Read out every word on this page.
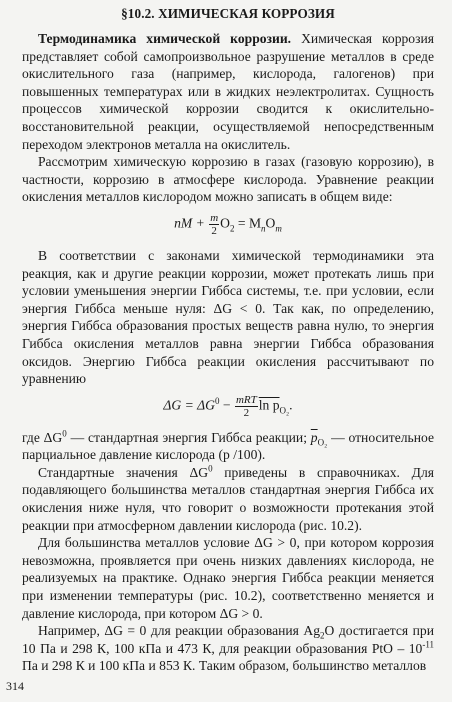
§10.2. ХИМИЧЕСКАЯ КОРРОЗИЯ

Термодинамика химической коррозии. Химическая коррозия представляет собой самопроизвольное разрушение металлов в среде окислительного газа (например, кислорода, галогенов) при повышенных температурах или в жидких неэлектролитах. Сущность процессов химической коррозии сводится к окислительно-восстановительной реакции, осуществляемой непосредственным переходом электронов металла на окислитель.

Рассмотрим химическую коррозию в газах (газовую коррозию), в частности, коррозию в атмосфере кислорода. Уравнение реакции окисления металлов кислородом можно записать в общем виде:

nM + $\frac{m}{2} O_2 = M_nO_m$

В соответствии с законами химической термодинамики эта реакция, как и другие реакции коррозии, может протекать лишь при условии уменьшения энергии Гиббса системы, т.е. при условии, если энергия Гиббса меньше нуля: ΔG < 0. Так как, по определению, энергия Гиббса образования простых веществ равна нулю, то энергия Гиббса окисления металлов равна энергии Гиббса образования оксидов. Энергию Гиббса реакции окисления рассчитывают по уравнению

$\Delta G = \Delta G^0 - \frac{\text{mRT}}{2}$ $\ln p_{O_2}$.

где $\Delta G^0$ — стандартная энергия Гиббса реакции; $\overline{p}_{O_2}$ — относительное парциальное давление кислорода (p /100).

Стандартные значения $\Delta G^0$ приведены в справочниках. Для подавляющего большинства металлов стандартная энергия Гиббса их окисления ниже нуля, что говорит о возможности протекания этой реакции при атмосферном давлении кислорода (рис. 10.2).

Для большинства металлов условие ΔG > 0, при котором коррозия невозможна, проявляется при очень низких давлениях кислорода, не реализуемых на практике. Однако энергия Гиббса реакции меняется при изменении температуры (рис. 10.2), соответственно меняется и давление кислорода, при котором ΔG > 0.

Например, ΔG = 0 для реакции образования $Ag_2O$ достигается при 10 Па и 298 К, 100 кПа и 473 К, для реакции образования PtO – $10^{-11}$ Па и 298 К и 100 кПа и 853 К. Таким образом, большинство металлов

314
